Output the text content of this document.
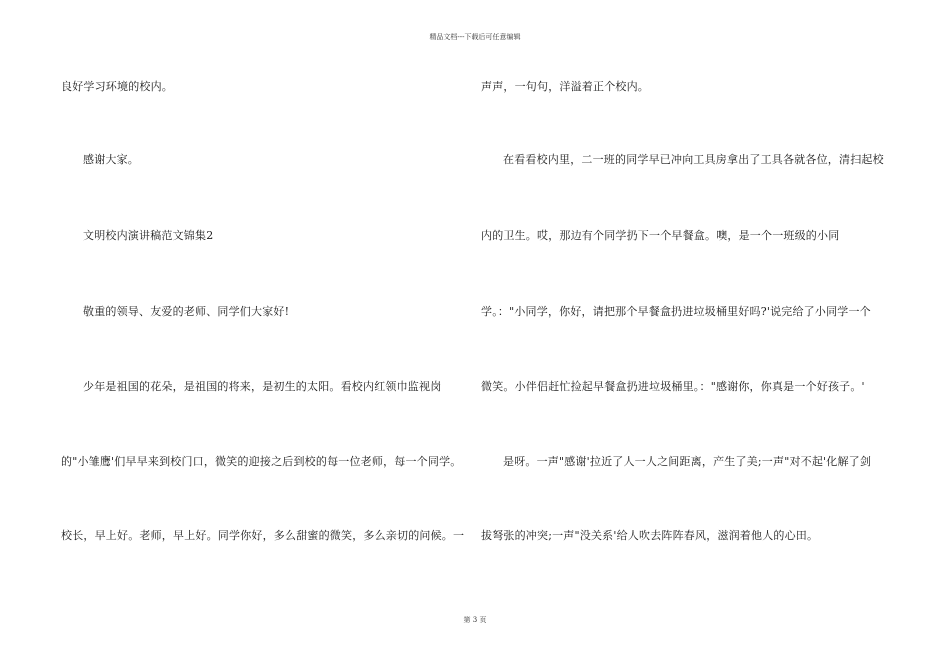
精品文档---下载后可任意编辑
良好学习环境的校内。
感谢大家。
文明校内演讲稿范文锦集2
敬重的领导、友爱的老师、同学们大家好!
少年是祖国的花朵，是祖国的将来，是初生的太阳。看校内红领巾监视岗
的"小雏鹰'们早早来到校门口，微笑的迎接之后到校的每一位老师，每一个同学。
校长，早上好。老师，早上好。同学你好，多么甜蜜的微笑，多么亲切的问候。一
声声，一句句，洋溢着正个校内。
在看看校内里，二一班的同学早已冲向工具房拿出了工具各就各位，清扫起校
内的卫生。哎，那边有个同学扔下一个早餐盒。噢，是一个一班级的小同
学。："小同学，你好，请把那个早餐盒扔进垃圾桶里好吗?'说完给了小同学一个
微笑。小伴侣赶忙捡起早餐盒扔进垃圾桶里。："感谢你，你真是一个好孩子。'
是呀。一声"感谢'拉近了人一人之间距离，产生了美;一声"对不起'化解了剑
拔弩张的冲突;一声"没关系'给人吹去阵阵春风，滋润着他人的心田。
第 3 页
